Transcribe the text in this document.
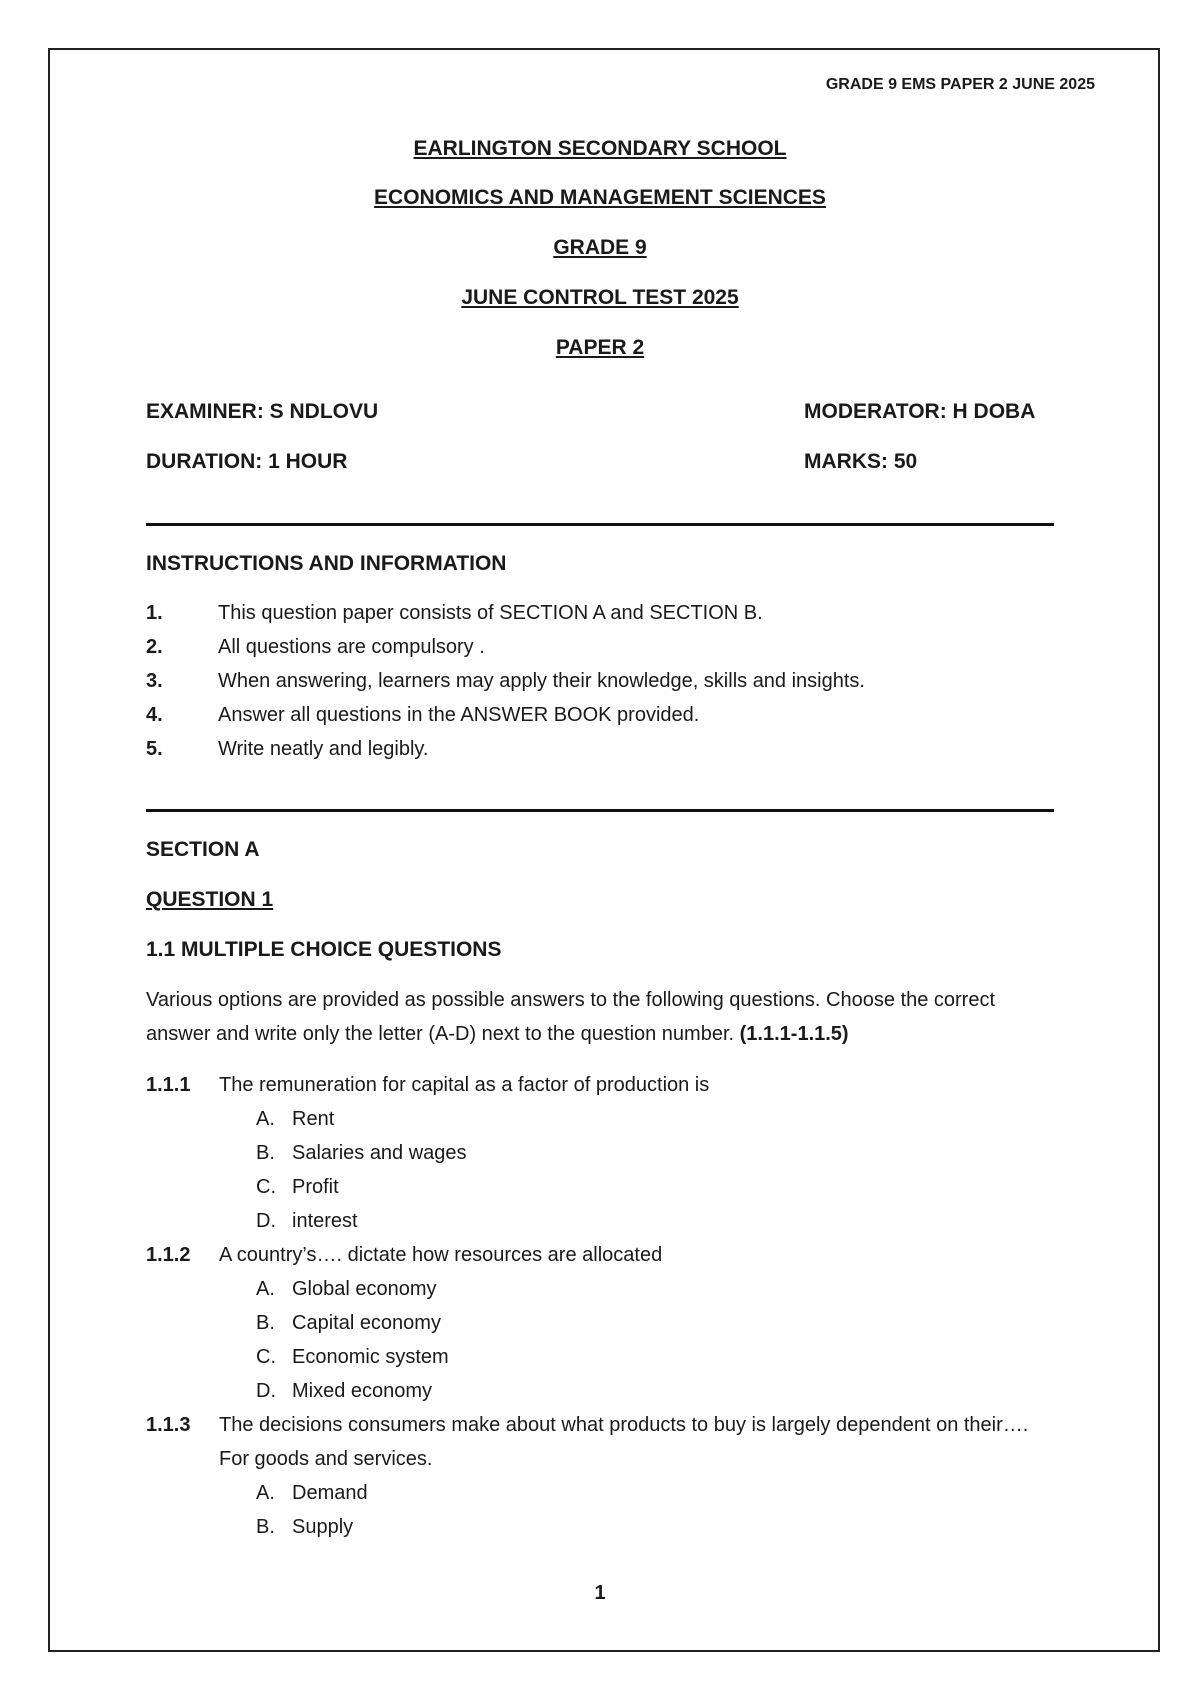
GRADE 9 EMS PAPER 2 JUNE 2025
EARLINGTON SECONDARY SCHOOL
ECONOMICS AND MANAGEMENT SCIENCES
GRADE 9
JUNE CONTROL TEST 2025
PAPER 2
EXAMINER: S NDLOVU	MODERATOR: H DOBA
DURATION: 1 HOUR	MARKS: 50
INSTRUCTIONS AND INFORMATION
1.	This question paper consists of SECTION A and SECTION B.
2.	All questions are compulsory .
3.	When answering, learners may apply their knowledge, skills and insights.
4.	Answer all questions in the ANSWER BOOK provided.
5.	Write neatly and legibly.
SECTION A
QUESTION 1
1.1 MULTIPLE CHOICE QUESTIONS
Various options are provided as possible answers to the following questions. Choose the correct answer and write only the letter (A-D) next to the question number. (1.1.1-1.1.5)
1.1.1 The remuneration for capital as a factor of production is
A. Rent
B. Salaries and wages
C. Profit
D. interest
1.1.2 A country’s…. dictate how resources are allocated
A. Global economy
B. Capital economy
C. Economic system
D. Mixed economy
1.1.3 The decisions consumers make about what products to buy is largely dependent on their…. For goods and services.
A. Demand
B. Supply
1
